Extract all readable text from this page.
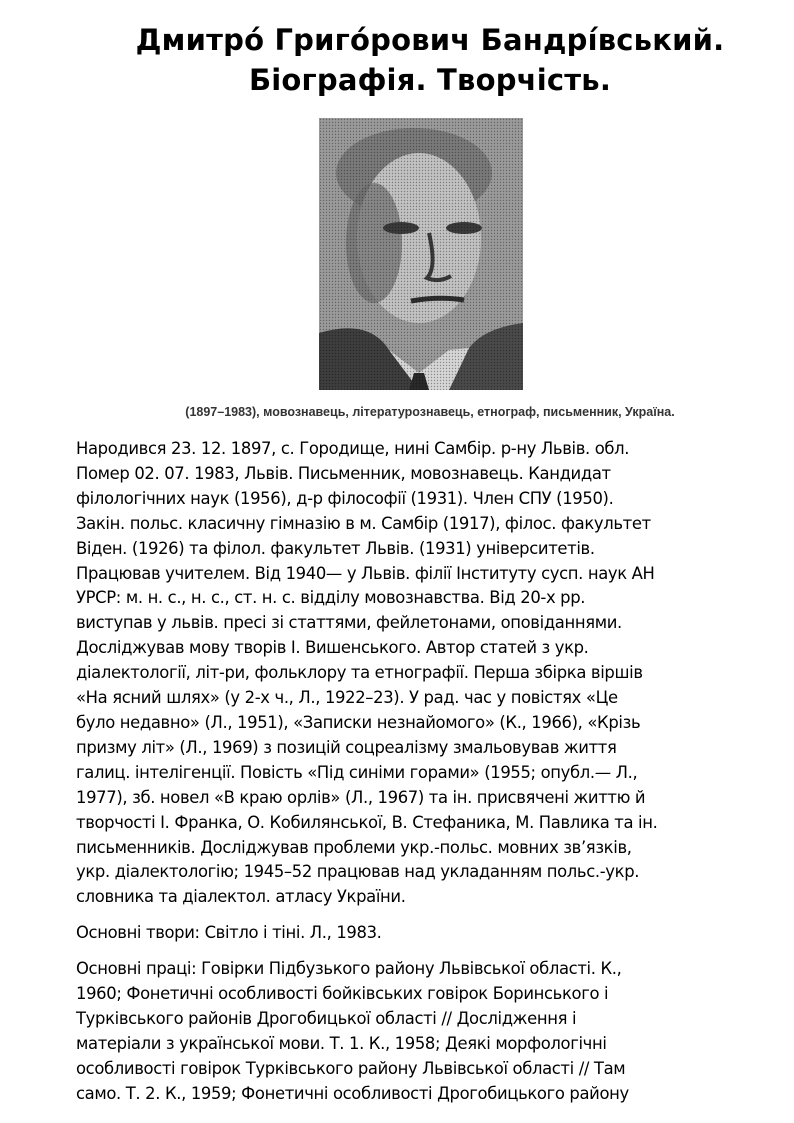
Дмитро́ Григо́рович Бандрі́вський.
Біографія. Творчість.
(1897–1983), мовознавець, літературознавець, етнограф, письменник, Україна.

Народився 23. 12. 1897, с. Городище, нині Самбір. р-ну Львів. обл.
Помер 02. 07. 1983, Львів. Письменник, мовознавець. Кандидат
філологічних наук (1956), д-р філософії (1931). Член СПУ (1950).
Закін. польс. класичну гімназію в м. Самбір (1917), філос. факультет
Віден. (1926) та філол. факультет Львів. (1931) університетів.
Працював учителем. Від 1940— у Львів. філії Інституту сусп. наук АН
УРСР: м. н. с., н. с., ст. н. с. відділу мовознавства. Від 20-х рр.
виступав у львів. пресі зі статтями, фейлетонами, оповіданнями.
Досліджував мову творів І. Вишенського. Автор статей з укр.
діалектології, літ-ри, фольклору та етнографії. Перша збірка віршів
«На ясний шлях» (у 2-х ч., Л., 1922–23). У рад. час у повістях «Це
було недавно» (Л., 1951), «Записки незнайомого» (К., 1966), «Крізь
призму літ» (Л., 1969) з позицій соцреалізму змальовував життя
галиц. інтелігенції. Повість «Під синіми горами» (1955; опубл.— Л.,
1977), зб. новел «В краю орлів» (Л., 1967) та ін. присвячені життю й
творчості І. Франка, О. Кобилянської, В. Стефаника, М. Павлика та ін.
письменників. Досліджував проблеми укр.-польс. мовних зв’язків,
укр. діалектологію; 1945–52 працював над укладанням польс.-укр.
словника та діалектол. атласу України.

Основні твори: Світло і тіні. Л., 1983.

Основні праці: Говірки Підбузького району Львівської області. К.,
1960; Фонетичні особливості бойківських говірок Боринського і
Турківського районів Дрогобицької області // Дослідження і
матеріали з української мови. Т. 1. К., 1958; Деякі морфологічні
особливості говірок Турківського району Львівської області // Там
само. Т. 2. К., 1959; Фонетичні особливості Дрогобицького району
